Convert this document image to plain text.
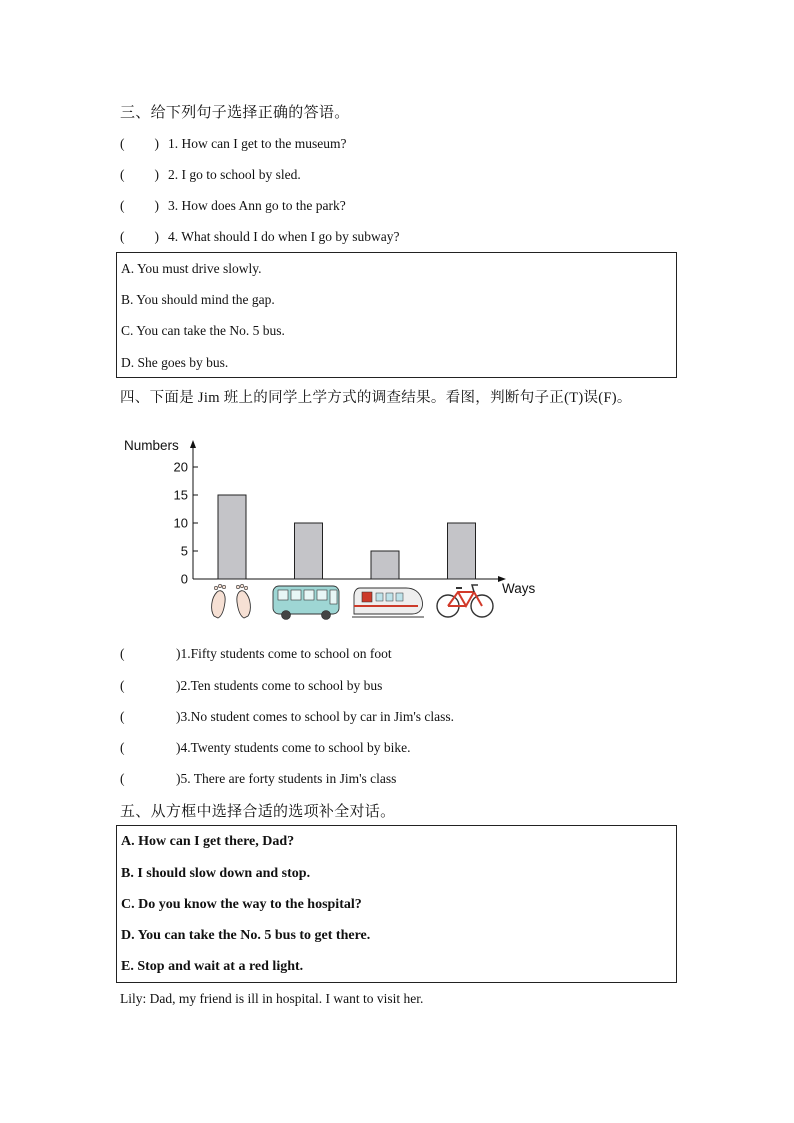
三、给下列句子选择正确的答语。
( ) 1. How can I get to the museum?
( ) 2. I go to school by sled.
( ) 3. How does Ann go to the park?
( ) 4. What should I do when I go by subway?
A. You must drive slowly.
B. You should mind the gap.
C. You can take the No. 5 bus.
D. She goes by bus.
四、下面是 Jim 班上的同学上学方式的调查结果。看图，判断句子正(T)误(F)。
Numbers
Ways
0
5
10
15
20
(	)1.Fifty students come to school on foot
(	)2.Ten students come to school by bus
(	)3.No student comes to school by car in Jim's class.
(	)4.Twenty students come to school by bike.
(	)5. There are forty students in Jim's class
五、从方框中选择合适的选项补全对话。
A. How can I get there, Dad?
B. I should slow down and stop.
C. Do you know the way to the hospital?
D. You can take the No. 5 bus to get there.
E. Stop and wait at a red light.
Lily: Dad, my friend is ill in hospital. I want to visit her.
